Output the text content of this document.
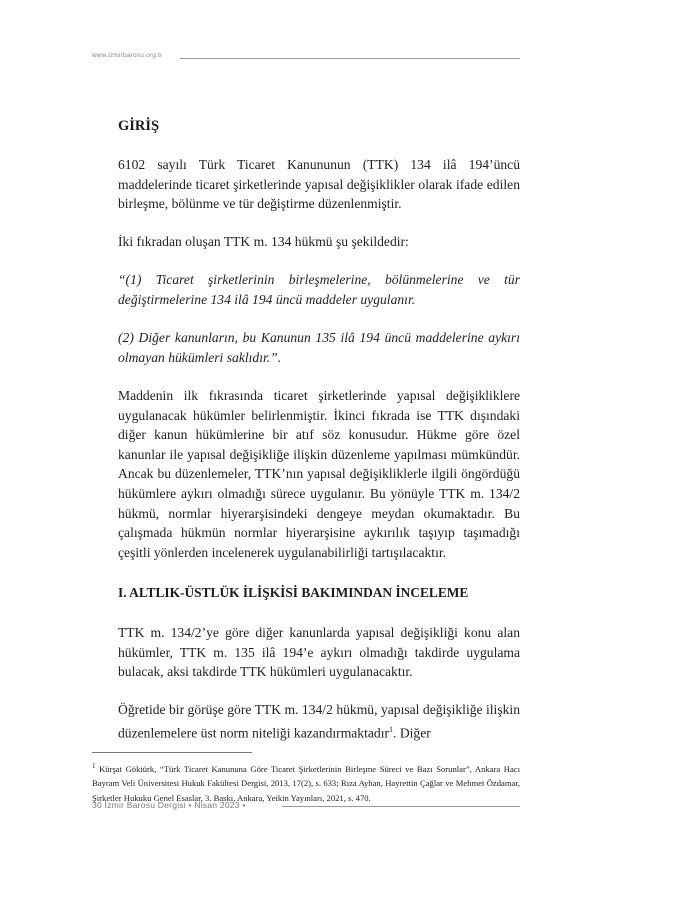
www.izmirbarosu.org.tr
GİRİŞ
6102 sayılı Türk Ticaret Kanununun (TTK) 134 ilâ 194’üncü maddelerinde ticaret şirketlerinde yapısal değişiklikler olarak ifade edilen birleşme, bölünme ve tür değiştirme düzenlenmiştir.
İki fıkradan oluşan TTK m. 134 hükmü şu şekildedir:
“(1) Ticaret şirketlerinin birleşmelerine, bölünmelerine ve tür değiştirmelerine 134 ilâ 194 üncü maddeler uygulanır.
(2) Diğer kanunların, bu Kanunun 135 ilâ 194 üncü maddelerine aykırı olmayan hükümleri saklıdır.”.
Maddenin ilk fıkrasında ticaret şirketlerinde yapısal değişikliklere uygulanacak hükümler belirlenmiştir. İkinci fıkrada ise TTK dışındaki diğer kanun hükümlerine bir atıf söz konusudur. Hükme göre özel kanunlar ile yapısal değişikliğe ilişkin düzenleme yapılması mümkündür. Ancak bu düzenlemeler, TTK’nın yapısal değişikliklerle ilgili öngördüğü hükümlere aykırı olmadığı sürece uygulanır. Bu yönüyle TTK m. 134/2 hükmü, normlar hiyerarşisindeki dengeye meydan okumaktadır. Bu çalışmada hükmün normlar hiyerarşisine aykırılık taşıyıp taşımadığı çeşitli yönlerden incelenerek uygulanabilirliği tartışılacaktır.
I. ALTLIK-ÜSTLÜK İLİŞKİSİ BAKIMINDAN İNCELEME
TTK m. 134/2’ye göre diğer kanunlarda yapısal değişikliği konu alan hükümler, TTK m. 135 ilâ 194’e aykırı olmadığı takdirde uygulama bulacak, aksi takdirde TTK hükümleri uygulanacaktır.
Öğretide bir görüşe göre TTK m. 134/2 hükmü, yapısal değişikliğe ilişkin düzenlemelere üst norm niteliği kazandırmaktadır$^1$. Diğer
$^1$ Kürşat Göktürk, “Türk Ticaret Kanununa Göre Ticaret Şirketlerinin Birleşme Süreci ve Bazı Sorunlar”, Ankara Hacı Bayram Veli Üniversitesi Hukuk Fakültesi Dergisi, 2013, 17(2), s. 633; Rıza Ayhan, Hayrettin Çağlar ve Mehmet Özdamar, Şirketler Hukuku Genel Esaslar, 3. Baskı, Ankara, Yetkin Yayınları, 2021, s. 470.
30 İzmir Barosu Dergisi • Nisan 2023 •
